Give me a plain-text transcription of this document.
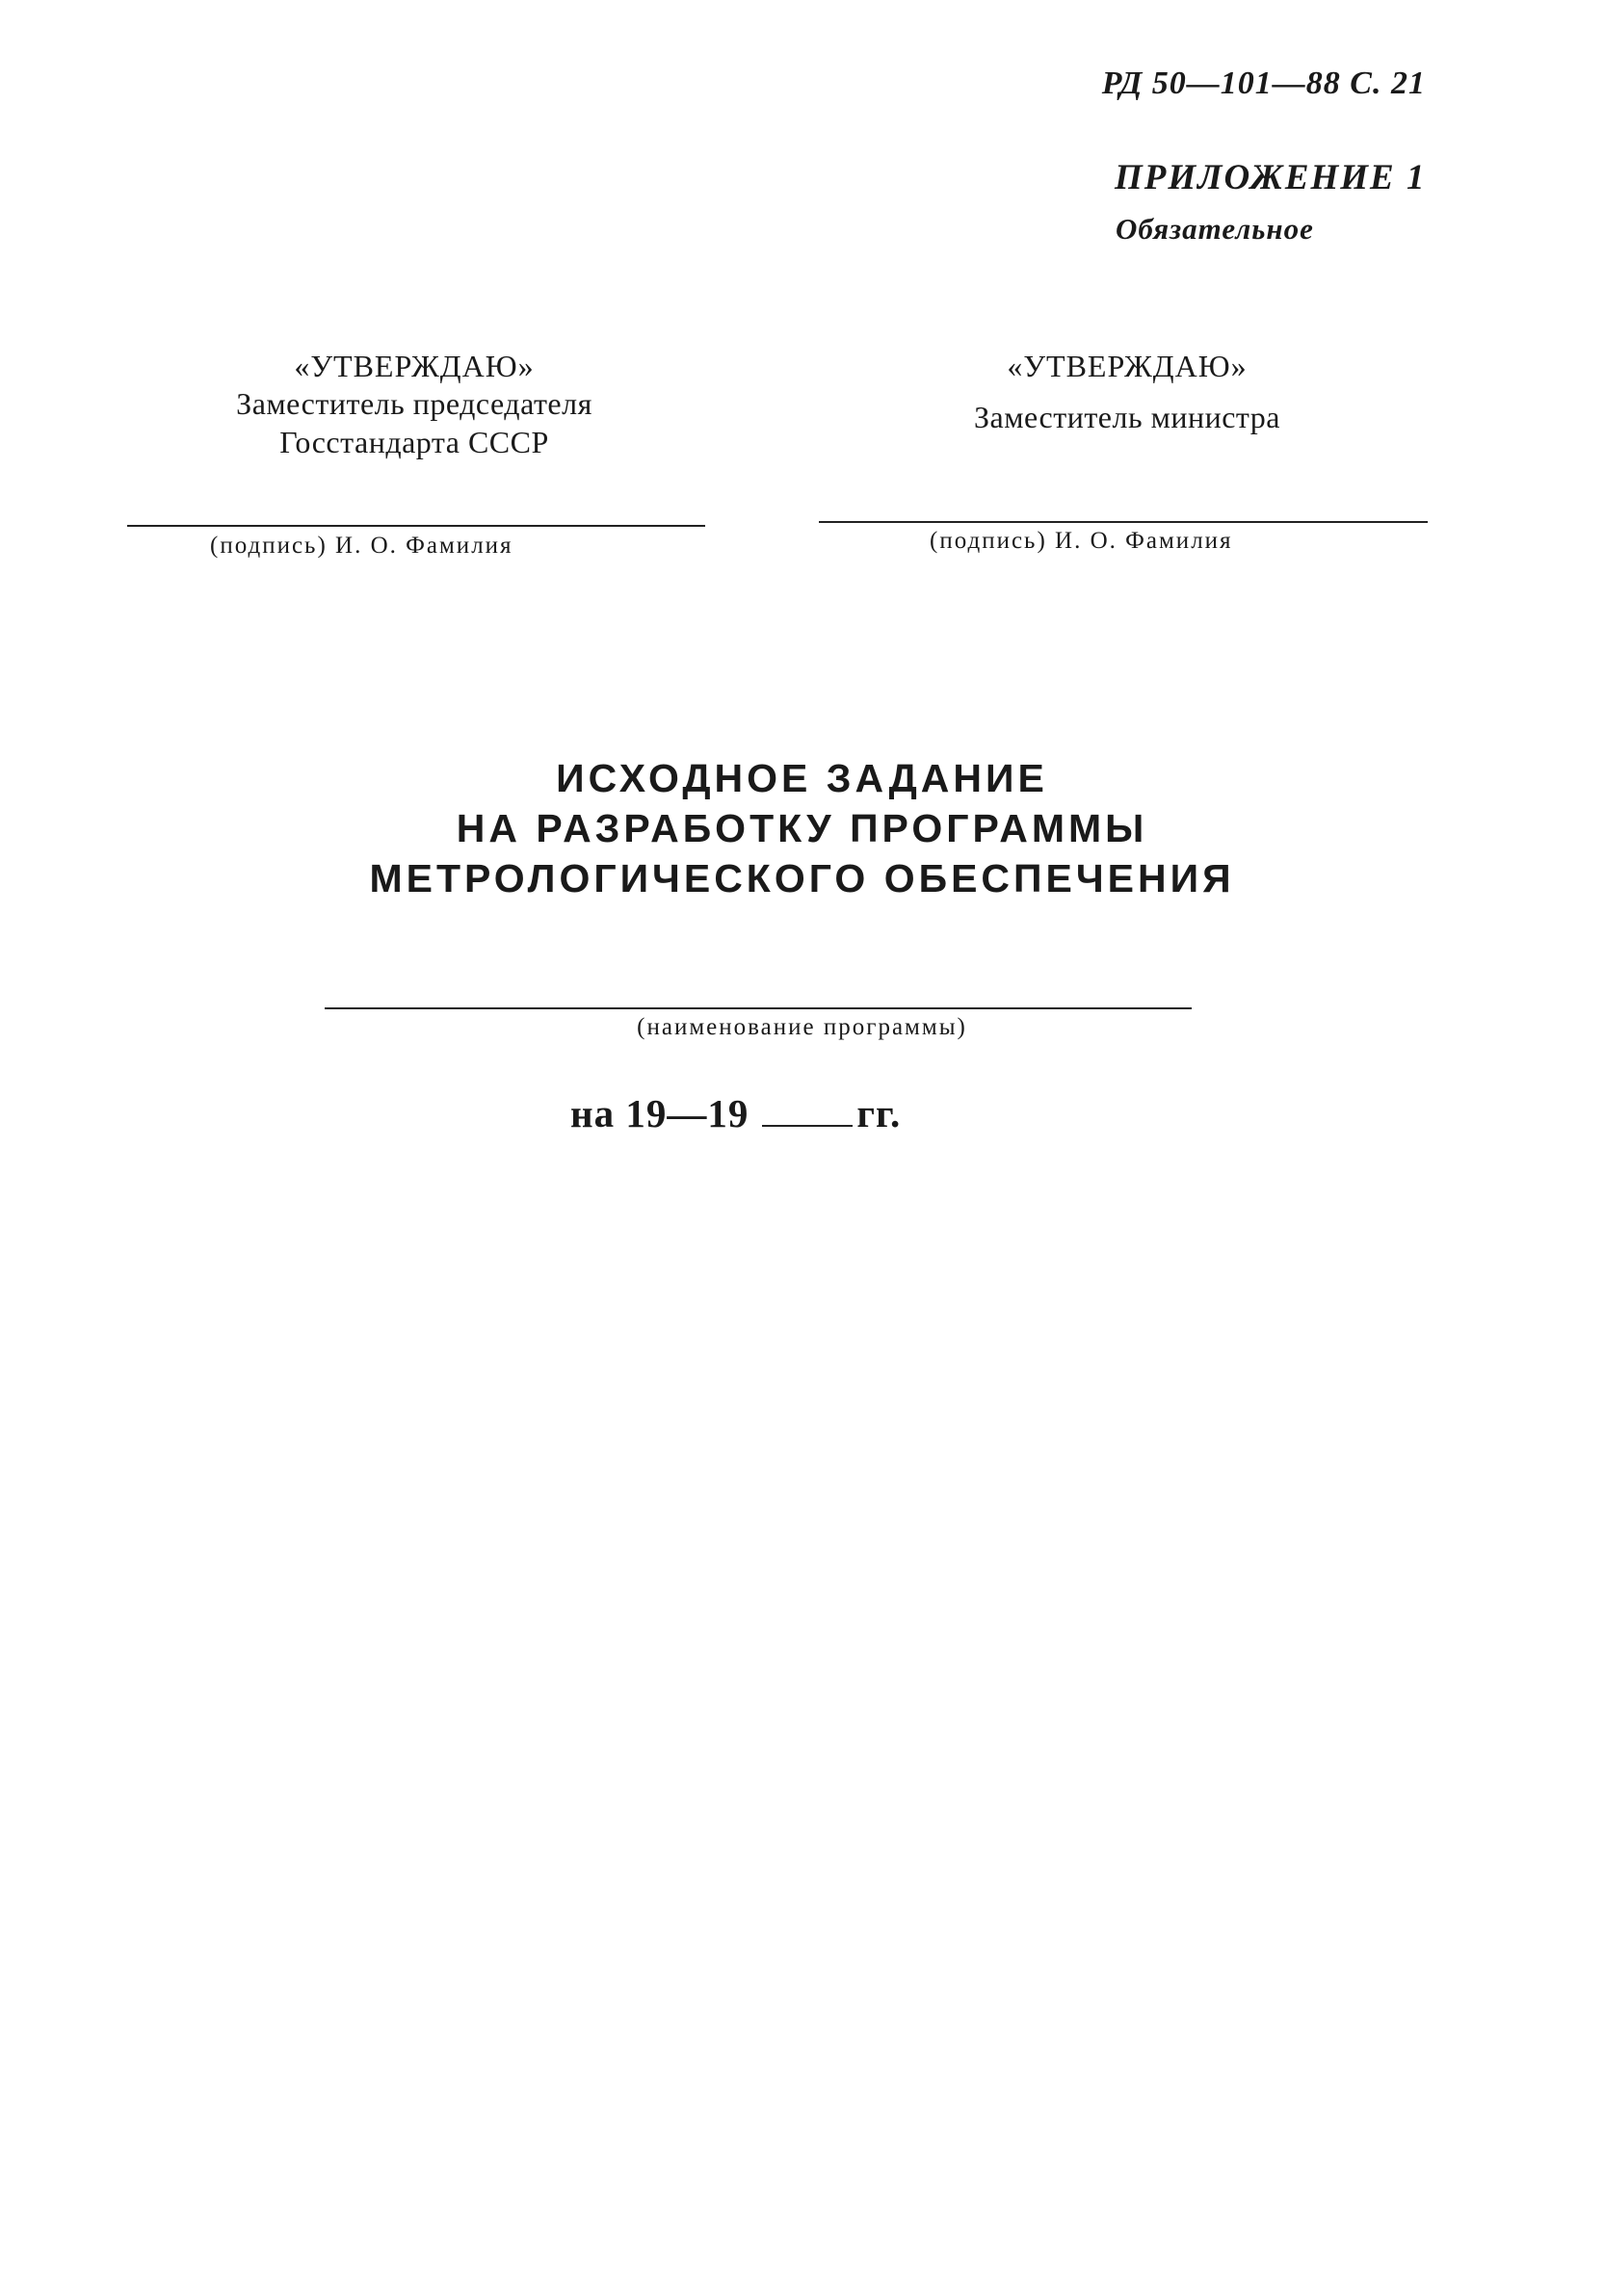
РД 50—101—88 С. 21
ПРИЛОЖЕНИЕ 1
Обязательное
«УТВЕРЖДАЮ»
Заместитель председателя
Госстандарта СССР
«УТВЕРЖДАЮ»
Заместитель министра
(подпись) И. О. Фамилия	(подпись) И. О. Фамилия
ИСХОДНОЕ ЗАДАНИЕ
НА РАЗРАБОТКУ ПРОГРАММЫ
МЕТРОЛОГИЧЕСКОГО ОБЕСПЕЧЕНИЯ
(наименование программы)
на 19—19	гг.
